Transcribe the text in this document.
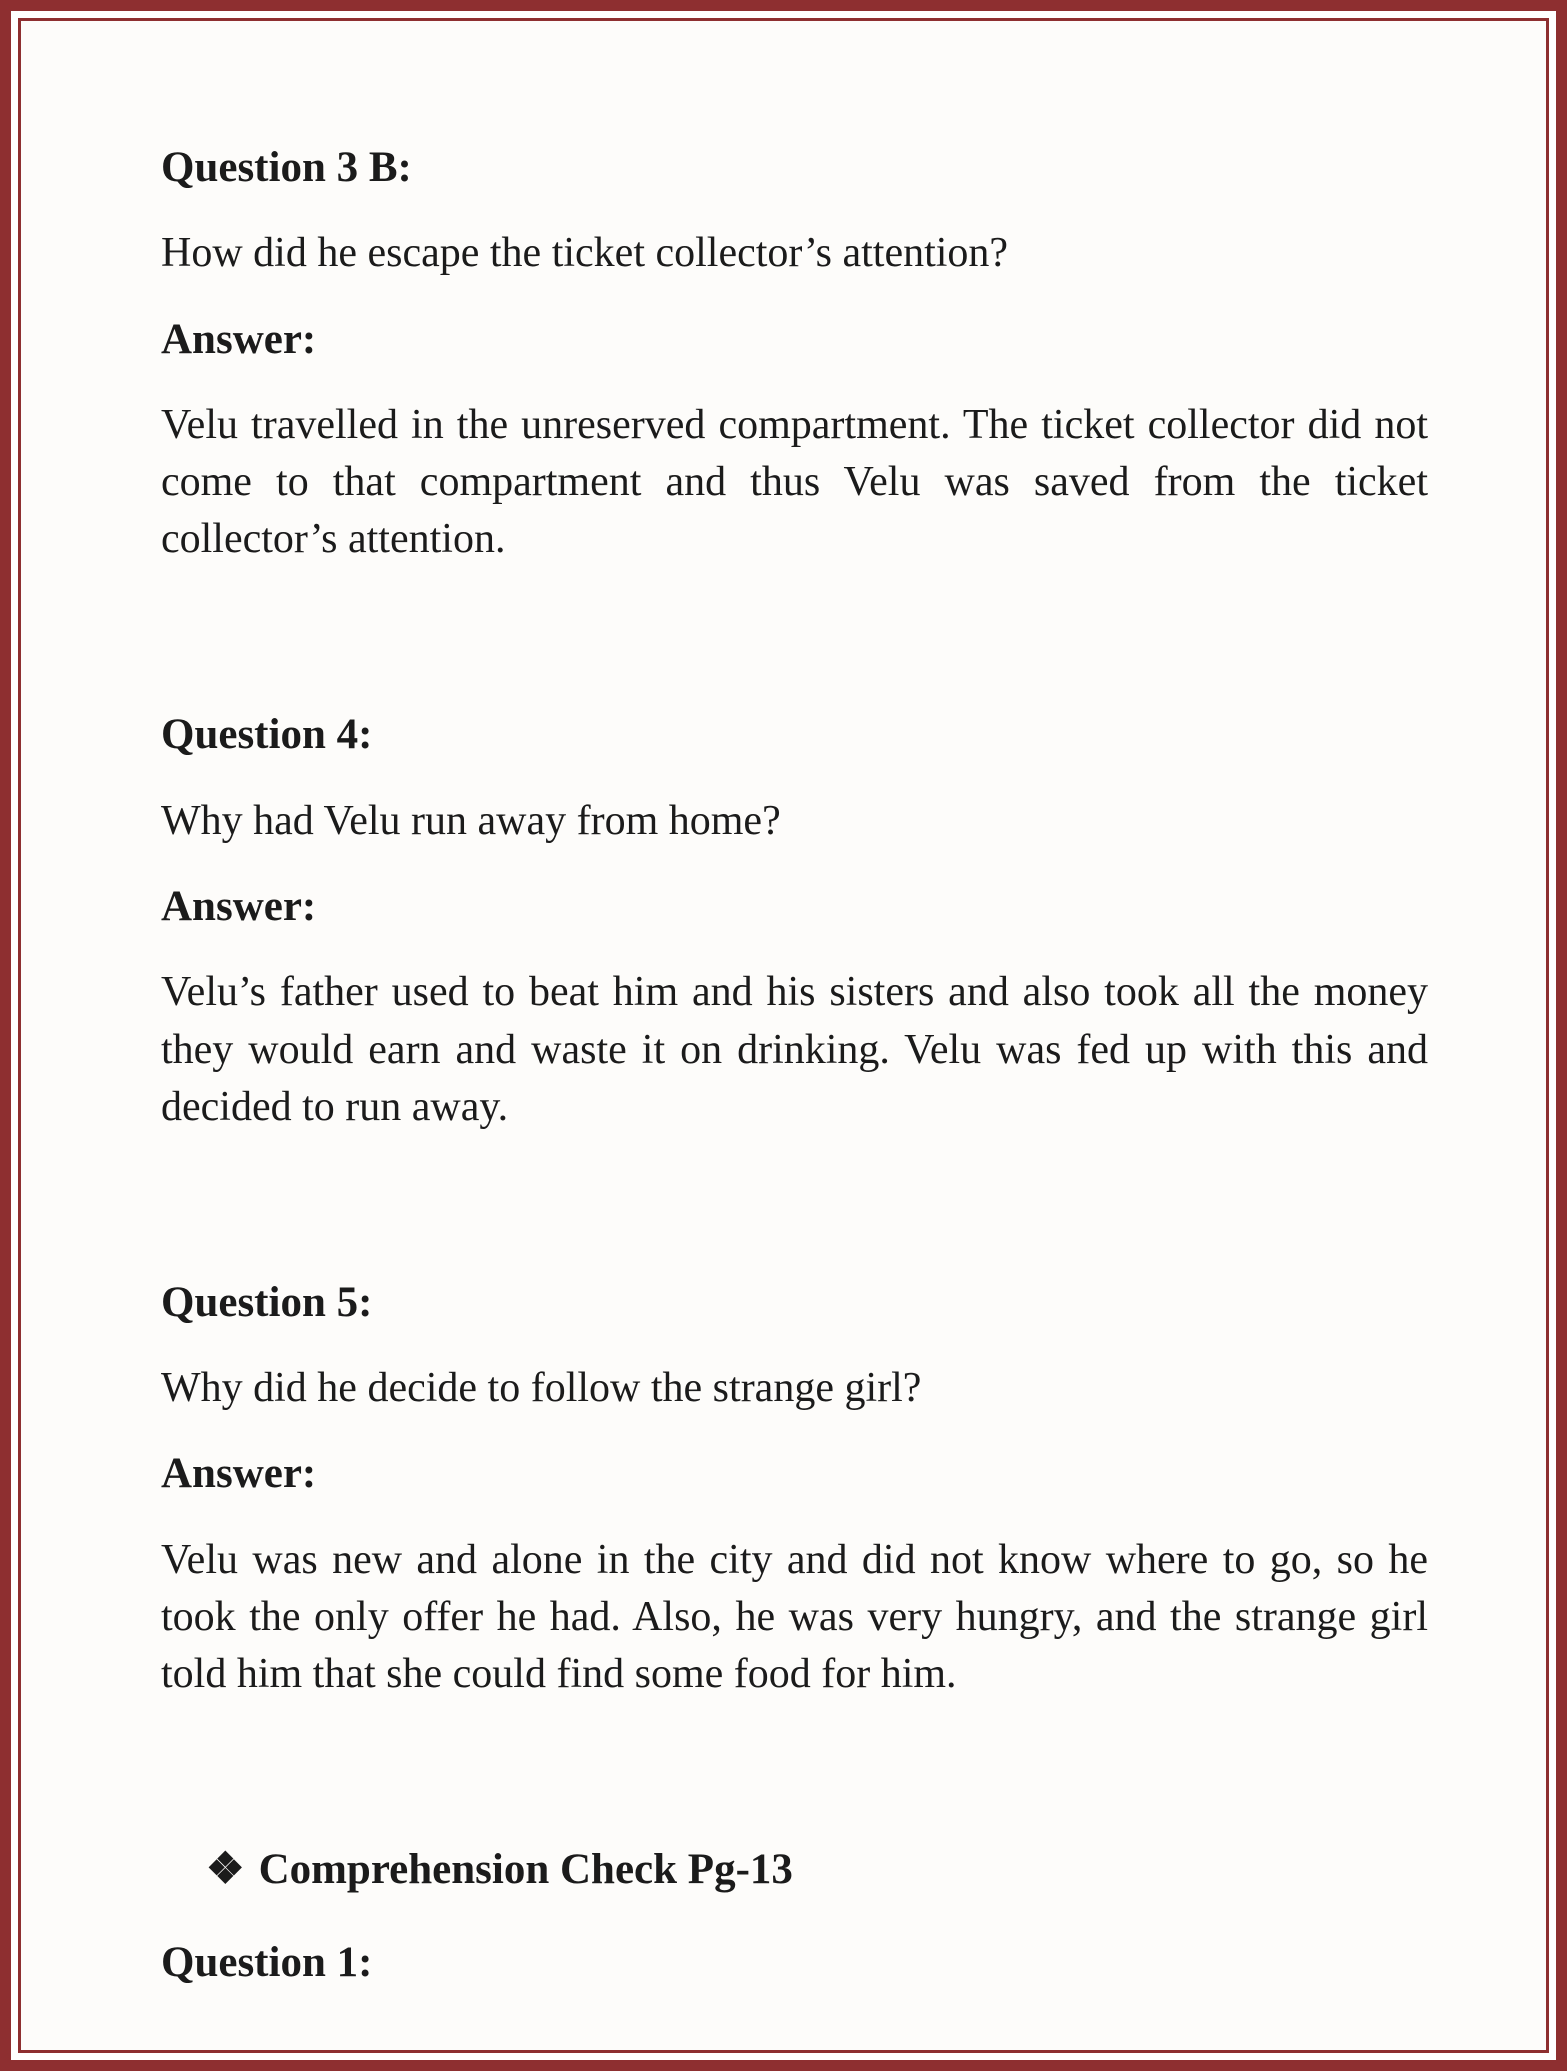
Question 3 B:

How did he escape the ticket collector’s attention?

Answer:

Velu travelled in the unreserved compartment. The ticket collector did not come to that compartment and thus Velu was saved from the ticket collector’s attention.

Question 4:

Why had Velu run away from home?

Answer:

Velu’s father used to beat him and his sisters and also took all the money they would earn and waste it on drinking. Velu was fed up with this and decided to run away.

Question 5:

Why did he decide to follow the strange girl?

Answer:

Velu was new and alone in the city and did not know where to go, so he took the only offer he had. Also, he was very hungry, and the strange girl told him that she could find some food for him.

❖ Comprehension Check Pg-13
Question 1:
